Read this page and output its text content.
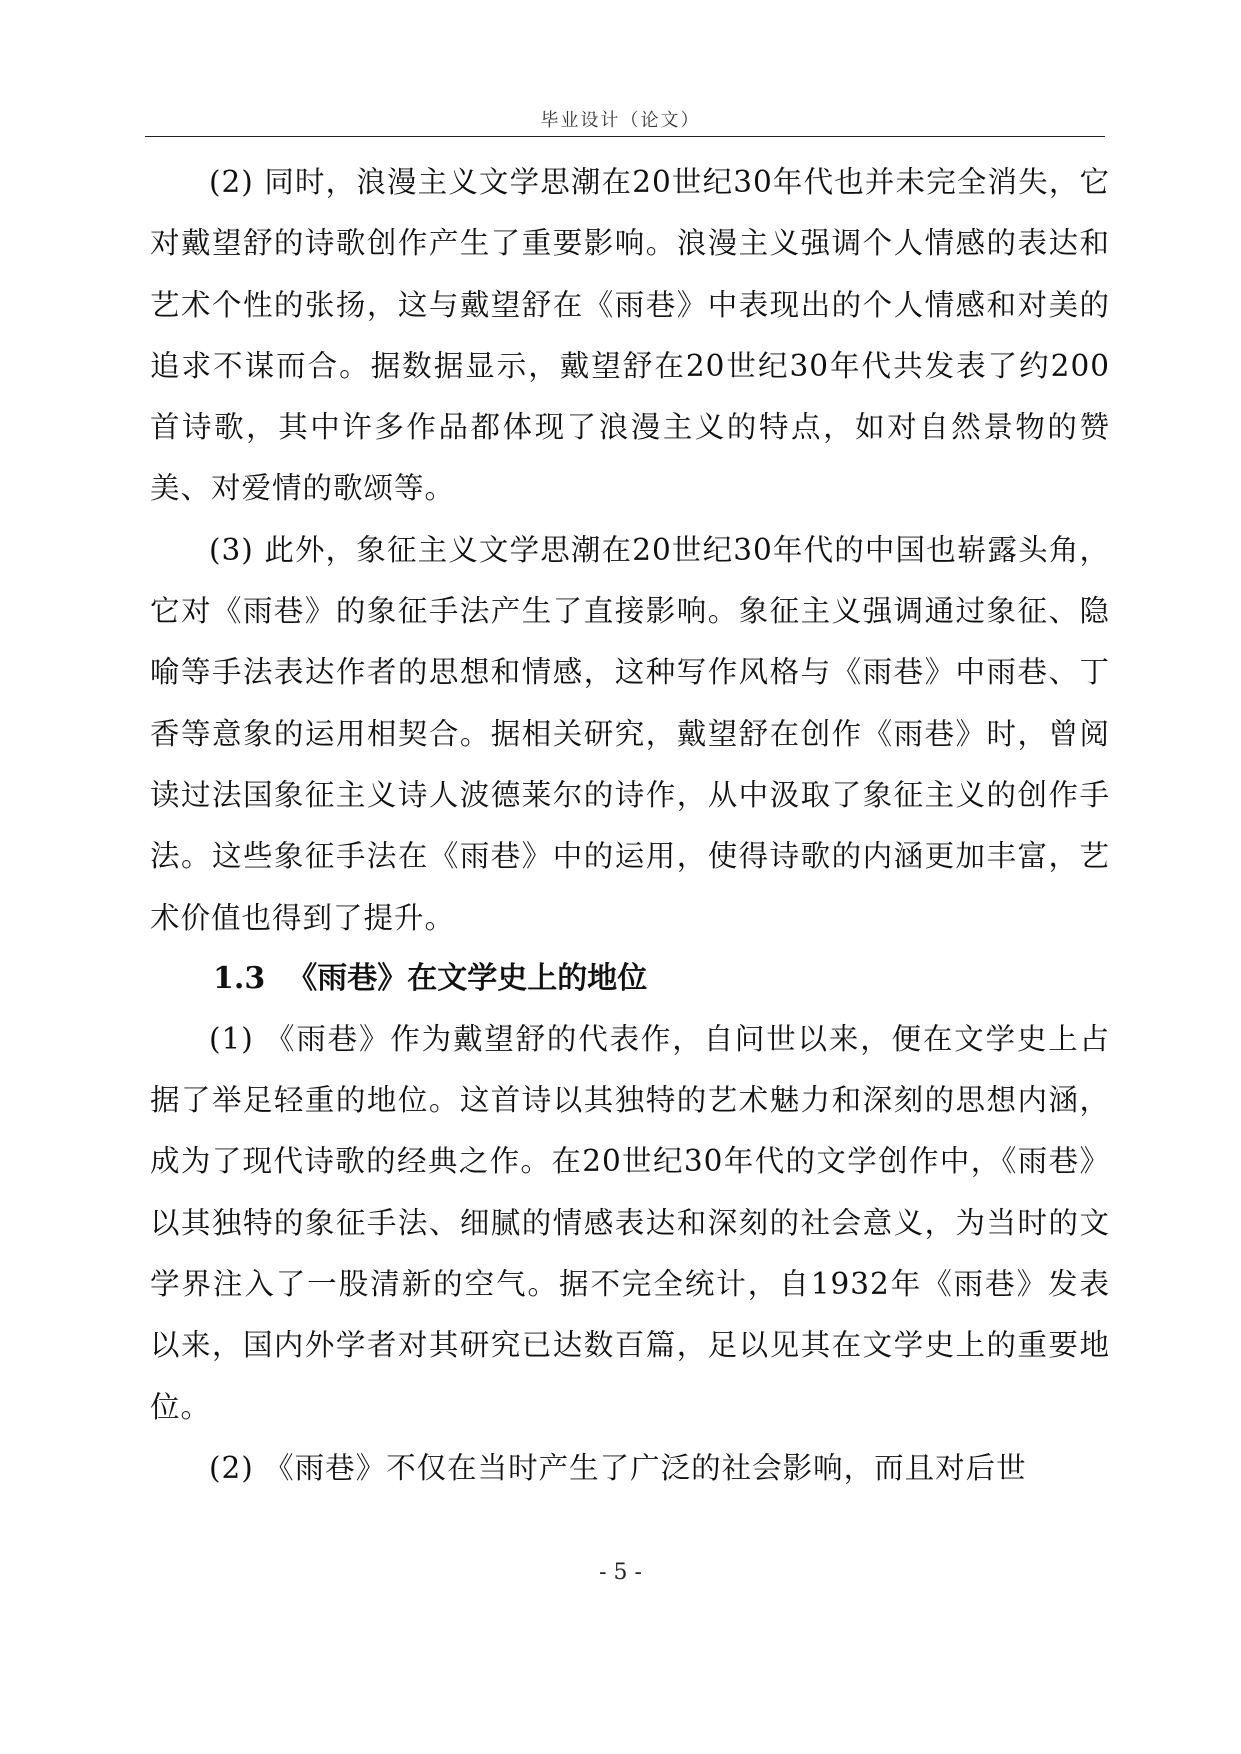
毕业设计（论文）

(2) 同时，浪漫主义文学思潮在20世纪30年代也并未完全消失，它对戴望舒的诗歌创作产生了重要影响。浪漫主义强调个人情感的表达和艺术个性的张扬，这与戴望舒在《雨巷》中表现出的个人情感和对美的追求不谋而合。据数据显示，戴望舒在20世纪30年代共发表了约200首诗歌，其中许多作品都体现了浪漫主义的特点，如对自然景物的赞美、对爱情的歌颂等。

(3) 此外，象征主义文学思潮在20世纪30年代的中国也崭露头角，它对《雨巷》的象征手法产生了直接影响。象征主义强调通过象征、隐喻等手法表达作者的思想和情感，这种写作风格与《雨巷》中雨巷、丁香等意象的运用相契合。据相关研究，戴望舒在创作《雨巷》时，曾阅读过法国象征主义诗人波德莱尔的诗作，从中汲取了象征主义的创作手法。这些象征手法在《雨巷》中的运用，使得诗歌的内涵更加丰富，艺术价值也得到了提升。

1.3 《雨巷》在文学史上的地位

(1) 《雨巷》作为戴望舒的代表作，自问世以来，便在文学史上占据了举足轻重的地位。这首诗以其独特的艺术魅力和深刻的思想内涵，成为了现代诗歌的经典之作。在20世纪30年代的文学创作中，《雨巷》以其独特的象征手法、细腻的情感表达和深刻的社会意义，为当时的文学界注入了一股清新的空气。据不完全统计，自1932年《雨巷》发表以来，国内外学者对其研究已达数百篇，足以见其在文学史上的重要地位。

(2) 《雨巷》不仅在当时产生了广泛的社会影响，而且对后世

- 5 -
